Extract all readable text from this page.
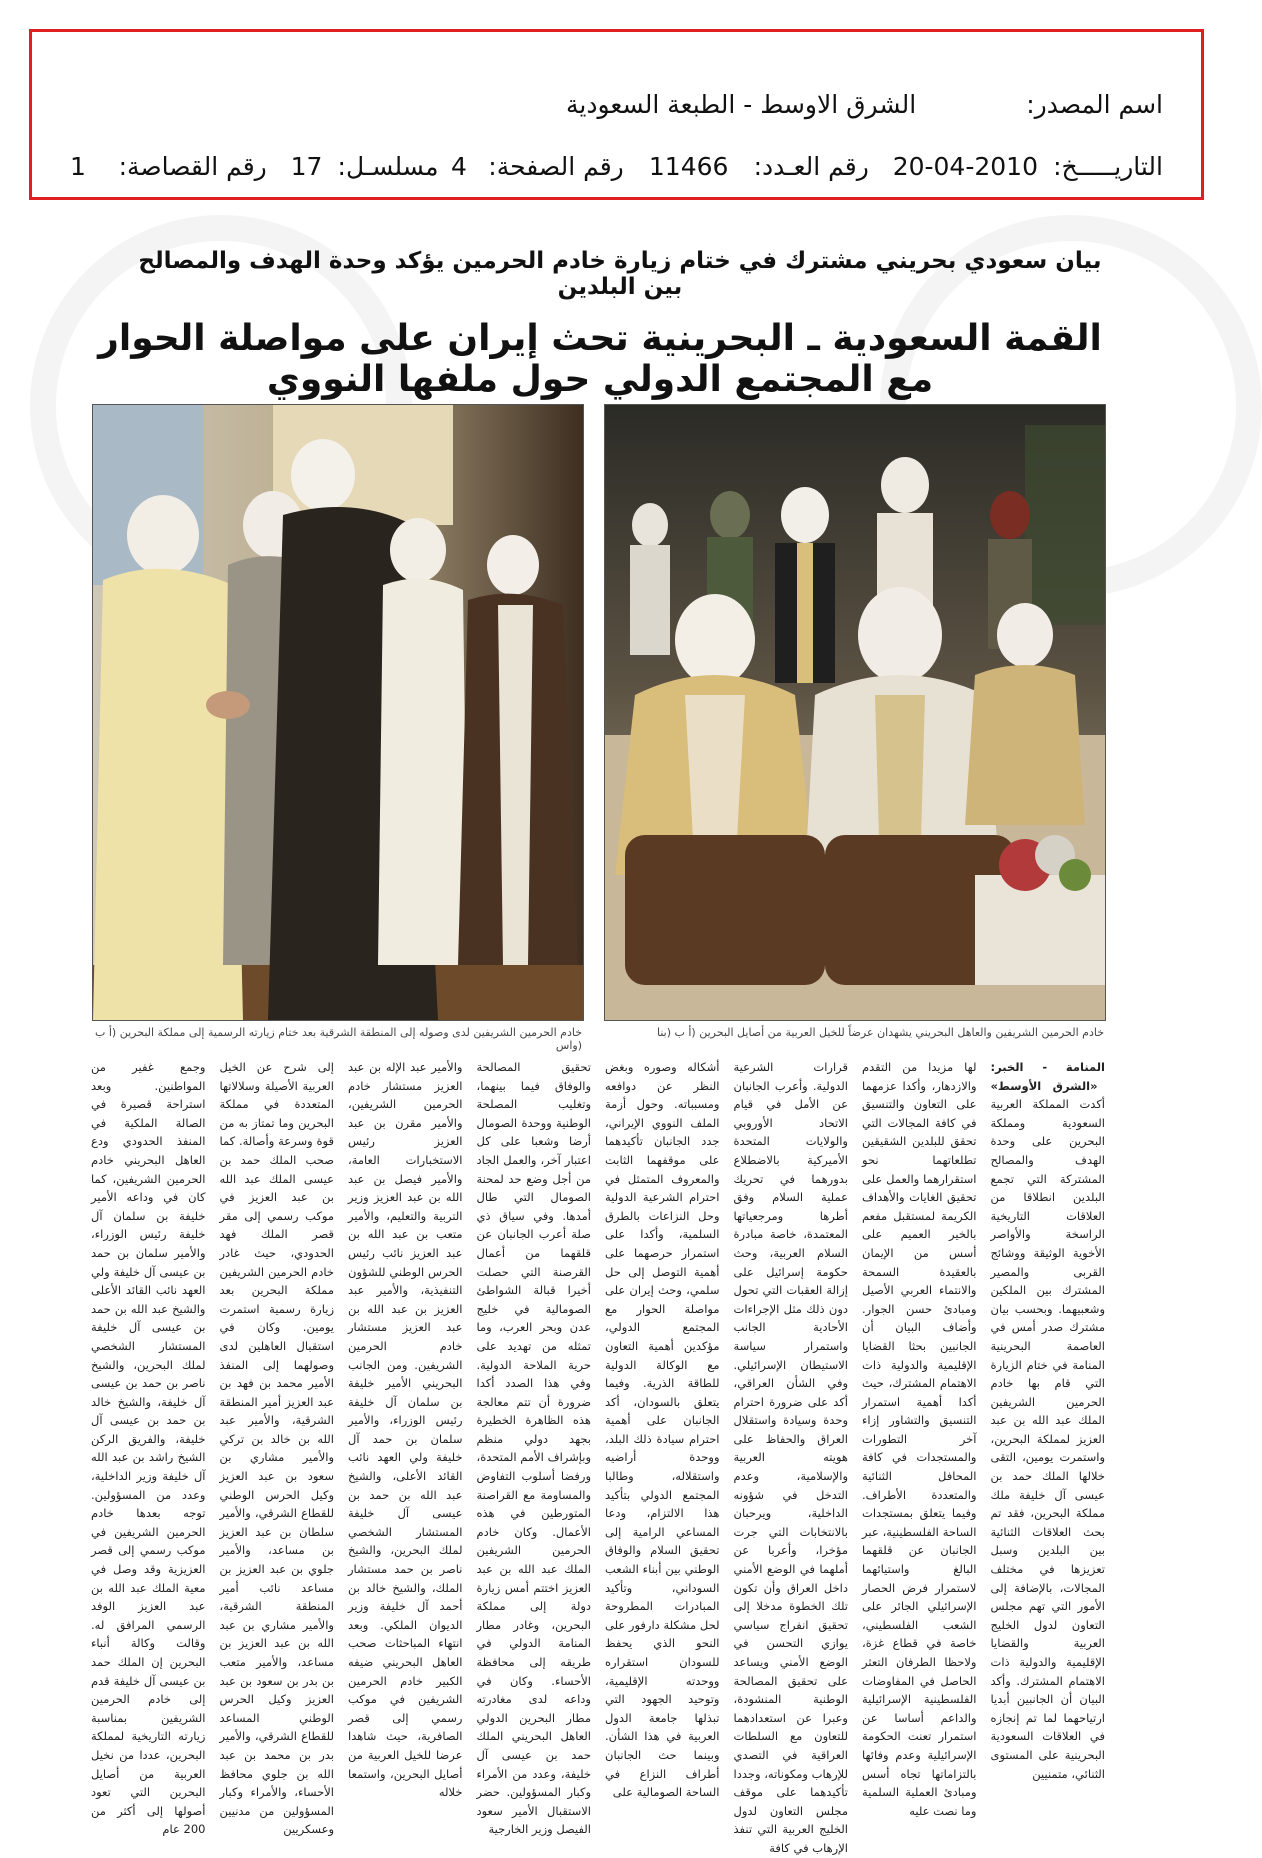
اسم المصدر:
الشرق الاوسط - الطبعة السعودية
التاريـــــخ:
20-04-2010
رقم العـدد:
11466
رقم الصفحة:
4
مسلسـل:
17
رقم القصاصة:
1
بيان سعودي بحريني مشترك في ختام زيارة خادم الحرمين يؤكد وحدة الهدف والمصالح بين البلدين
القمة السعودية ـ البحرينية تحث إيران على مواصلة الحوار مع المجتمع الدولي حول ملفها النووي
خادم الحرمين الشريفين والعاهل البحريني يشهدان عرضاً للخيل العربية من أصايل البحرين (أ ب (بنا
خادم الحرمين الشريفين لدى وصوله إلى المنطقة الشرقية بعد ختام زيارته الرسمية إلى مملكة البحرين (أ ب (واس
المنامة - الخبر: «الشرق الأوسط» أكدت المملكة العربية السعودية ومملكة البحرين على وحدة الهدف والمصالح المشتركة التي تجمع البلدين انطلاقا من العلاقات التاريخية الراسخة والأواصر الأخوية الوثيقة ووشائج القربى والمصير المشترك بين الملكين وشعبيهما. وبحسب بيان مشترك صدر أمس في العاصمة البحرينية المنامة في ختام الزيارة التي قام بها خادم الحرمين الشريفين الملك عبد الله بن عبد العزيز لمملكة البحرين، واستمرت يومين، التقى خلالها الملك حمد بن عيسى آل خليفة ملك مملكة البحرين، فقد تم بحث العلاقات الثنائية بين البلدين وسبل تعزيزها في مختلف المجالات، بالإضافة إلى الأمور التي تهم مجلس التعاون لدول الخليج العربية والقضايا الإقليمية والدولية ذات الاهتمام المشترك. وأكد البيان أن الجانبين أبديا ارتياحهما لما تم إنجازه في العلاقات السعودية البحرينية على المستوى الثنائي، متمنيين
لها مزيدا من التقدم والازدهار، وأكدا عزمهما على التعاون والتنسيق في كافة المجالات التي تحقق للبلدين الشقيقين تطلعاتهما نحو استقرارهما والعمل على تحقيق الغايات والأهداف الكريمة لمستقبل مفعم بالخير العميم على أسس من الإيمان بالعقيدة السمحة والانتماء العربي الأصيل ومبادئ حسن الجوار. وأضاف البيان أن الجانبين بحثا القضايا الإقليمية والدولية ذات الاهتمام المشترك، حيث أكدا أهمية استمرار التنسيق والتشاور إزاء آخر التطورات والمستجدات في كافة المحافل الثنائية والمتعددة الأطراف. وفيما يتعلق بمستجدات الساحة الفلسطينية، عبر الجانبان عن قلقهما البالغ واستيائهما لاستمرار فرض الحصار الإسرائيلي الجائر على الشعب الفلسطيني، خاصة في قطاع غزة، ولاحظا الطرفان التعثر الحاصل في المفاوضات الفلسطينية الإسرائيلية والداعم أساسا عن استمرار تعنت الحكومة الإسرائيلية وعدم وفائها بالتزاماتها تجاه أسس ومبادئ العملية السلمية وما نصت عليه
قرارات الشرعية الدولية. وأعرب الجانبان عن الأمل في قيام الاتحاد الأوروبي والولايات المتحدة الأميركية بالاضطلاع بدورهما في تحريك عملية السلام وفق أطرها ومرجعياتها المعتمدة، خاصة مبادرة السلام العربية، وحث حكومة إسرائيل على إزالة العقبات التي تحول دون ذلك مثل الإجراءات الأحادية الجانب واستمرار سياسة الاستيطان الإسرائيلي. وفي الشأن العراقي، أكد على ضرورة احترام وحدة وسيادة واستقلال العراق والحفاظ على هويته العربية والإسلامية، وعدم التدخل في شؤونه الداخلية، ويرحبان بالانتخابات التي جرت مؤخرا، وأعربا عن أملهما في الوضع الأمني داخل العراق وأن تكون تلك الخطوة مدخلا إلى تحقيق انفراج سياسي يوازي التحسن في الوضع الأمني ويساعد على تحقيق المصالحة الوطنية المنشودة، وعبرا عن استعدادهما للتعاون مع السلطات العراقية في التصدي للإرهاب ومكوناته، وجددا تأكيدهما على موقف مجلس التعاون لدول الخليج العربية التي تنفذ الإرهاب في كافة
أشكاله وصوره وبغض النظر عن دوافعه ومسبباته. وحول أزمة الملف النووي الإيراني، جدد الجانبان تأكيدهما على موقفهما الثابت والمعروف المتمثل في احترام الشرعية الدولية وحل النزاعات بالطرق السلمية، وأكدا على استمرار حرصهما على أهمية التوصل إلى حل سلمي، وحث إيران على مواصلة الحوار مع المجتمع الدولي، مؤكدين أهمية التعاون مع الوكالة الدولية للطاقة الذرية. وفيما يتعلق بالسودان، أكد الجانبان على أهمية احترام سيادة ذلك البلد، ووحدة أراضيه واستقلاله، وطالبا المجتمع الدولي بتأكيد هذا الالتزام، ودعا المساعي الرامية إلى تحقيق السلام والوفاق الوطني بين أبناء الشعب السوداني، وتأكيد المبادرات المطروحة لحل مشكلة دارفور على النحو الذي يحفظ للسودان استقراره ووحدته الإقليمية، وتوحيد الجهود التي تبذلها جامعة الدول العربية في هذا الشأن. وبينما حث الجانبان أطراف النزاع في الساحة الصومالية على
تحقيق المصالحة والوفاق فيما بينهما، وتغليب المصلحة الوطنية ووحدة الصومال أرضا وشعبا على كل اعتبار آخر، والعمل الجاد من أجل وضع حد لمحنة الصومال التي طال أمدها. وفي سياق ذي صلة أعرب الجانبان عن قلقهما من أعمال القرصنة التي حصلت أخيرا قبالة الشواطئ الصومالية في خليج عدن وبحر العرب، وما تمثله من تهديد على حرية الملاحة الدولية. وفي هذا الصدد أكدا ضرورة أن تتم معالجة هذه الظاهرة الخطيرة بجهد دولي منظم وبإشراف الأمم المتحدة، ورفضا أسلوب التفاوض والمساومة مع القراصنة المتورطين في هذه الأعمال. وكان خادم الحرمين الشريفين الملك عبد الله بن عبد العزيز اختتم أمس زيارة دولة إلى مملكة البحرين، وغادر مطار المنامة الدولي في طريقه إلى محافظة الأحساء. وكان في وداعه لدى مغادرته مطار البحرين الدولي العاهل البحريني الملك حمد بن عيسى آل خليفة، وعدد من الأمراء وكبار المسؤولين. حضر الاستقبال الأمير سعود الفيصل وزير الخارجية
والأمير عبد الإله بن عبد العزيز مستشار خادم الحرمين الشريفين، والأمير مقرن بن عبد العزيز رئيس الاستخبارات العامة، والأمير فيصل بن عبد الله بن عبد العزيز وزير التربية والتعليم، والأمير متعب بن عبد الله بن عبد العزيز نائب رئيس الحرس الوطني للشؤون التنفيذية، والأمير عبد العزيز بن عبد الله بن عبد العزيز مستشار خادم الحرمين الشريفين. ومن الجانب البحريني الأمير خليفة بن سلمان آل خليفة رئيس الوزراء، والأمير سلمان بن حمد آل خليفة ولي العهد نائب القائد الأعلى، والشيخ عبد الله بن حمد بن عيسى آل خليفة المستشار الشخصي لملك البحرين، والشيخ ناصر بن حمد مستشار الملك، والشيخ خالد بن أحمد آل خليفة وزير الديوان الملكي. وبعد انتهاء المباحثات صحب العاهل البحريني ضيفه الكبير خادم الحرمين الشريفين في موكب رسمي إلى قصر الصافرية، حيث شاهدا عرضا للخيل العربية من أصايل البحرين، واستمعا خلاله
إلى شرح عن الخيل العربية الأصيلة وسلالاتها المتعددة في مملكة البحرين وما تمتاز به من قوة وسرعة وأصالة. كما صحب الملك حمد بن عيسى الملك عبد الله بن عبد العزيز في موكب رسمي إلى مقر قصر الملك فهد الحدودي، حيث غادر خادم الحرمين الشريفين مملكة البحرين بعد زيارة رسمية استمرت يومين. وكان في استقبال العاهلين لدى وصولهما إلى المنفذ الأمير محمد بن فهد بن عبد العزيز أمير المنطقة الشرقية، والأمير عبد الله بن خالد بن تركي والأمير مشاري بن سعود بن عبد العزيز وكيل الحرس الوطني للقطاع الشرقي، والأمير سلطان بن عبد العزيز بن مساعد، والأمير جلوي بن عبد العزيز بن مساعد نائب أمير المنطقة الشرقية، والأمير مشاري بن عبد الله بن عبد العزيز بن مساعد، والأمير متعب بن بدر بن سعود بن عبد العزيز وكيل الحرس الوطني المساعد للقطاع الشرقي، والأمير بدر بن محمد بن عبد الله بن جلوي محافظ الأحساء، والأمراء وكبار المسؤولين من مدنيين وعسكريين
وجمع غفير من المواطنين. وبعد استراحة قصيرة في الصالة الملكية في المنفذ الحدودي ودع العاهل البحريني خادم الحرمين الشريفين، كما كان في وداعه الأمير خليفة بن سلمان آل خليفة رئيس الوزراء، والأمير سلمان بن حمد بن عيسى آل خليفة ولي العهد نائب القائد الأعلى والشيخ عبد الله بن حمد بن عيسى آل خليفة المستشار الشخصي لملك البحرين، والشيخ ناصر بن حمد بن عيسى آل خليفة، والشيخ خالد بن حمد بن عيسى آل خليفة، والفريق الركن الشيخ راشد بن عبد الله آل خليفة وزير الداخلية، وعدد من المسؤولين. توجه بعدها خادم الحرمين الشريفين في موكب رسمي إلى قصر العزيزية وقد وصل في معية الملك عبد الله بن عبد العزيز الوفد الرسمي المرافق له. وقالت وكالة أنباء البحرين إن الملك حمد بن عيسى آل خليفة قدم إلى خادم الحرمين الشريفين بمناسبة زيارته التاريخية لمملكة البحرين، عددا من نخيل العربية من أصايل البحرين التي تعود أصولها إلى أكثر من 200 عام
